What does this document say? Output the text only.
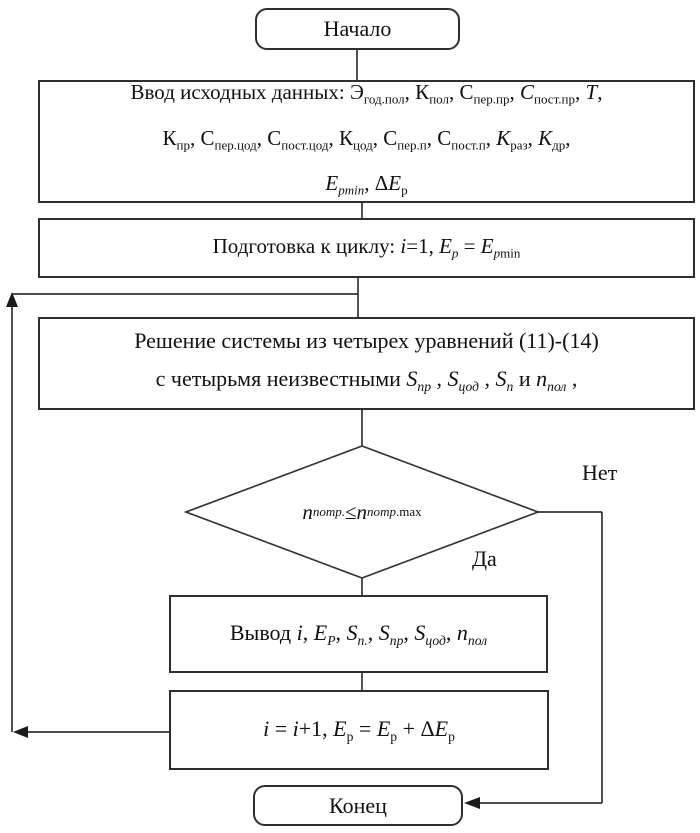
Начало
Ввод исходных данных: $Э_{год.пол}$, $К_{пол}$, $С_{пер.пр}$, $С_{пост.пр}$, T,
$К_{пр}$, $С_{пер.цод}$, $С_{пост.цод}$, $К_{цод}$, $С_{пер.п}$, $С_{пост.п}$, $К_{раз}$, $К_{др}$,
$E_{pmin}$, $\Delta E_р$
Подготовка к циклу: i=1, $E_p = E_{pmin}$
Решение системы из четырех уравнений (11)-(14)
с четырьмя неизвестными $S_{пр}$ , $S_{цод}$ , $S_п$ и $n_{пол}$ ,
n потр. ≤ n потр .max
Нет
Да
Вывод i, $E_P$, $S_{п.}$, $S_{пр}$, $S_{цод}$, $n_{пол}$
i = i+1, $E_р = E_р + \Delta E_р$
Конец
